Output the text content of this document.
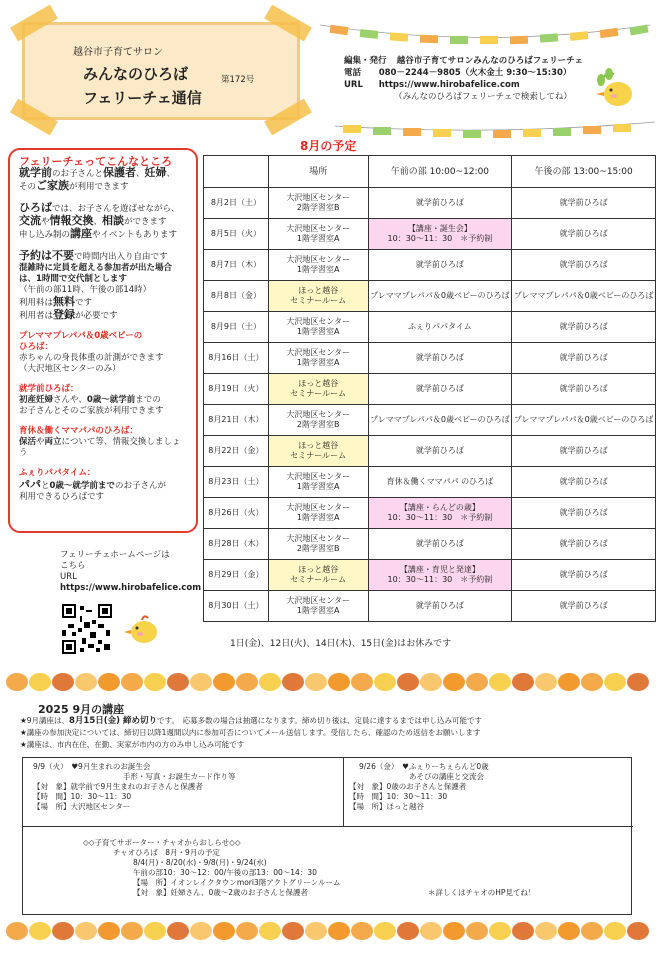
越谷市子育てサロン
みんなのひろば
フェリーチェ通信
第172号
編集・発行 越谷市子育てサロンみんなのひろばフェリーチェ
電話 080－2244－9805（火木金土 9:30～15:30）
URL https://www.hirobafelice.com
（みんなのひろばフェリーチェで検索してね）
フェリーチェってこんなところ
就学前のお子さんと保護者、妊婦、
そのご家族が利用できます
ひろばでは、お子さんを遊ばせながら、
交流や情報交換、相談ができます
申し込み制の講座やイベントもあります
予約は不要で時間内出入り自由です
混雑時に定員を超える参加者が出た場合は、1時間で交代制とします
（午前の部11時、午後の部14時）
利用料は無料です
利用者は登録が必要です
プレママプレパパ＆0歳ベビーの
ひろば：
赤ちゃんの身長体重の計測ができます
（大沢地区センターのみ）
就学前ひろば：
初産妊婦さんや、0歳～就学前までの
お子さんとそのご家族が利用できます
育休＆働くママパパのひろば：
保活や両立について等、情報交換しましょう
ふぇりパパタイム：
パパと0歳～就学前までのお子さんが
利用できるひろばです
フェリーチェホームページは
こちら
URL
https://www.hirobafelice.com
8月の予定
	場所	午前の部 10:00~12:00	午後の部 13:00~15:00
8月2日（土）	大沢地区センター
2階学習室B	就学前ひろば	就学前ひろば
8月5日（火）	大沢地区センター
1階学習室A	【講座・誕生会】
10：30～11：30　＊予約制	就学前ひろば
8月7日（木）	大沢地区センター
1階学習室A	就学前ひろば	就学前ひろば
8月8日（金）	ほっと越谷
セミナールーム	プレママプレパパ＆0歳ベビーのひろば	プレママプレパパ＆0歳ベビーのひろば
8月9日（土）	大沢地区センター
1階学習室A	ふぇりパパタイム	就学前ひろば
8月16日（土）	大沢地区センター
1階学習室A	就学前ひろば	就学前ひろば
8月19日（火）	ほっと越谷
セミナールーム	就学前ひろば	就学前ひろば
8月21日（木）	大沢地区センター
2階学習室B	プレママプレパパ＆0歳ベビーのひろば	プレママプレパパ＆0歳ベビーのひろば
8月22日（金）	ほっと越谷
セミナールーム	就学前ひろば	就学前ひろば
8月23日（土）	大沢地区センター
1階学習室A	育休＆働くママパパ のひろば	就学前ひろば
8月26日（火）	大沢地区センター
1階学習室A	【講座・らんどの歳】
10：30～11：30　＊予約制	就学前ひろば
8月28日（木）	大沢地区センター
2階学習室B	就学前ひろば	就学前ひろば
8月29日（金）	ほっと越谷
セミナールーム	【講座・育児と発達】
10：30～11：30　＊予約制	就学前ひろば
8月30日（土）	大沢地区センター
1階学習室A	就学前ひろば	就学前ひろば
1日(金)、12日(火)、14日(木)、15日(金)はお休みです
2025 9月の講座
★9月講座は、8月15日(金) 締め切りです。　応募多数の場合は抽選になります。締め切り後は、定員に達するまでは申し込み可能です
★講座の参加決定については、締切日以降1週間以内に参加可否についてメール送信します。受信したら、確認のため返信をお願いします
★講座は、市内在住、在勤、実家が市内の方のみ申し込み可能です
9/9（火）　♥9月生まれのお誕生会
手形・写真・お誕生カード作り等
【対　象】就学前で9月生まれのお子さんと保護者
【時　間】10：30～11：30
【場　所】大沢地区センター
9/26（金）　♥ふぇりーちぇらんど0歳
あそびの講座と交流会
【対　象】0歳のお子さんと保護者
【時　間】10：30～11：30
【場　所】ほっと越谷
◇◇子育てサポーター・チャオからおしらせ◇◇
チャオひろば　8月・9月の予定
8/4(月)・8/20(水)・9/8(月)・9/24(水)
午前の部10：30～12：00/午後の部13：00～14：30
【場　所】イオンレイクタウンmori3階アクトグリーンルーム
【対　象】妊婦さん、0歳～2歳のお子さんと保護者	＊詳しくはチャオのHP見てね！
